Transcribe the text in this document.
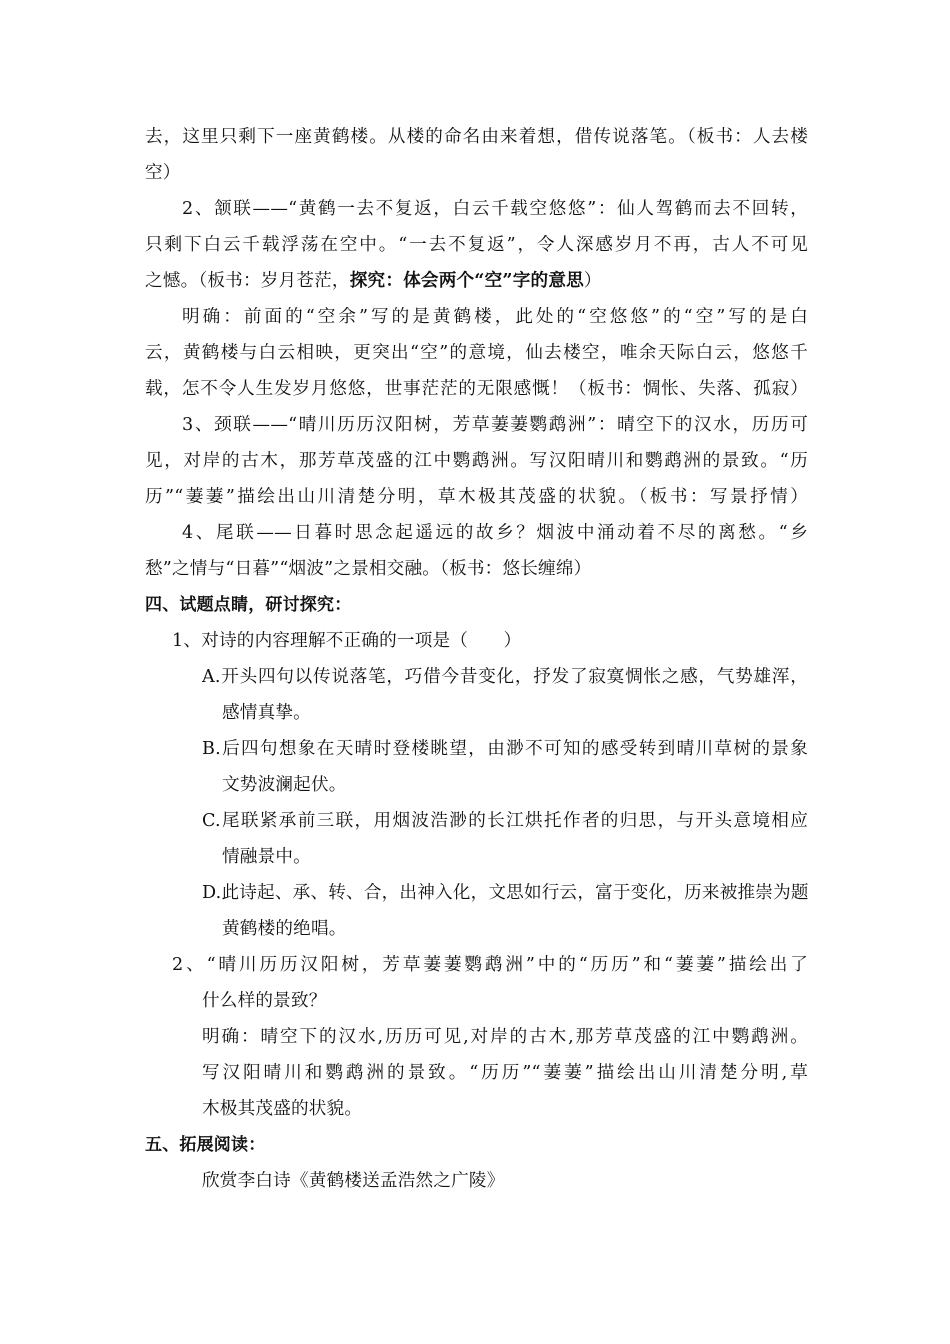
去，这里只剩下一座黄鹤楼。从楼的命名由来着想，借传说落笔。（板书：人去楼
空）
2、颔联——“黄鹤一去不复返，白云千载空悠悠”：仙人驾鹤而去不回转，
只剩下白云千载浮荡在空中。“一去不复返”，令人深感岁月不再，古人不可见
之憾。（板书：岁月苍茫，探究：体会两个“空”字的意思）
明确：前面的“空余”写的是黄鹤楼，此处的“空悠悠”的“空”写的是白
云，黄鹤楼与白云相映，更突出“空”的意境，仙去楼空，唯余天际白云，悠悠千
载，怎不令人生发岁月悠悠，世事茫茫的无限感慨！（板书：惆怅、失落、孤寂）
3、颈联——“晴川历历汉阳树，芳草萋萋鹦鹉洲”：晴空下的汉水，历历可
见，对岸的古木，那芳草茂盛的江中鹦鹉洲。写汉阳晴川和鹦鹉洲的景致。“历
历”“萋萋”描绘出山川清楚分明，草木极其茂盛的状貌。（板书：写景抒情）
4、尾联——日暮时思念起遥远的故乡？烟波中涌动着不尽的离愁。“乡
愁”之情与“日暮”“烟波”之景相交融。（板书：悠长缠绵）
四、试题点睛，研讨探究：
1、对诗的内容理解不正确的一项是（　　）
A.开头四句以传说落笔，巧借今昔变化，抒发了寂寞惆怅之感，气势雄浑，
感情真挚。
B.后四句想象在天晴时登楼眺望，由渺不可知的感受转到晴川草树的景象
文势波澜起伏。
C.尾联紧承前三联，用烟波浩渺的长江烘托作者的归思，与开头意境相应
情融景中。
D.此诗起、承、转、合，出神入化，文思如行云，富于变化，历来被推崇为题
黄鹤楼的绝唱。
2、“晴川历历汉阳树，芳草萋萋鹦鹉洲”中的“历历”和“萋萋”描绘出了
什么样的景致？
明确：晴空下的汉水,历历可见,对岸的古木,那芳草茂盛的江中鹦鹉洲。
写汉阳晴川和鹦鹉洲的景致。“历历”“萋萋”描绘出山川清楚分明,草
木极其茂盛的状貌。
五、拓展阅读：
欣赏李白诗《黄鹤楼送孟浩然之广陵》
